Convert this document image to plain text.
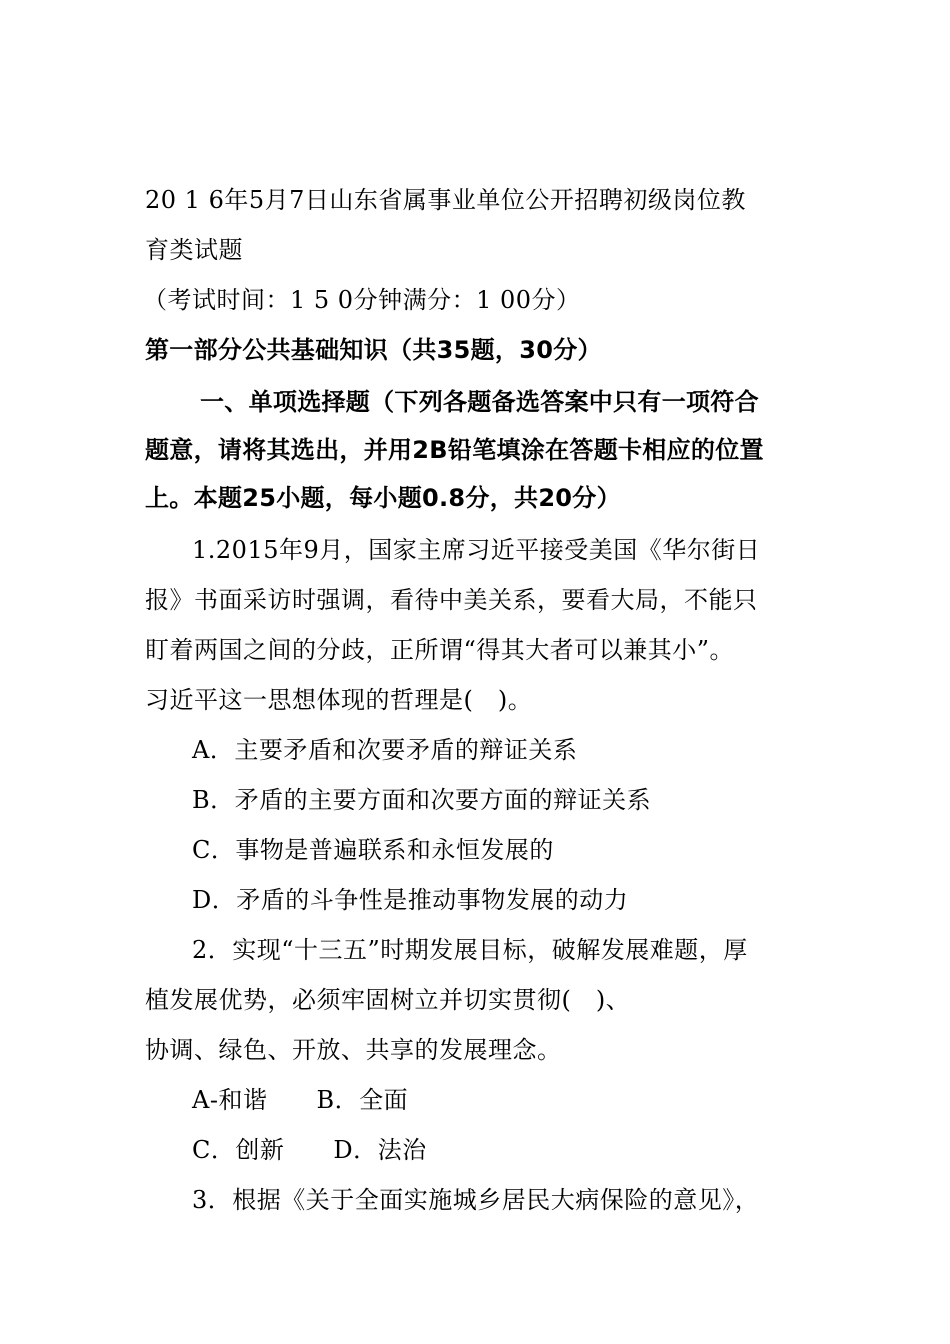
20 1 6年5月7日山东省属事业单位公开招聘初级岗位教
育类试题
（考试时间：1 5 0分钟满分：1 00分）
第一部分公共基础知识（共35题，30分）
一、单项选择题（下列各题备选答案中只有一项符合
题意，请将其选出，并用2B铅笔填涂在答题卡相应的位置
上。本题25小题，每小题0.8分，共20分）
1.2015年9月，国家主席习近平接受美国《华尔街日
报》书面采访时强调，看待中美关系，要看大局，不能只
盯着两国之间的分歧，正所谓“得其大者可以兼其小”。
习近平这一思想体现的哲理是(　)。
A．主要矛盾和次要矛盾的辩证关系
B．矛盾的主要方面和次要方面的辩证关系
C．事物是普遍联系和永恒发展的
D．矛盾的斗争性是推动事物发展的动力
2．实现“十三五”时期发展目标，破解发展难题，厚
植发展优势，必须牢固树立并切实贯彻(　)、
协调、绿色、开放、共享的发展理念。
A-和谐　　B．全面
C．创新　　D．法治
3．根据《关于全面实施城乡居民大病保险的意见》，
